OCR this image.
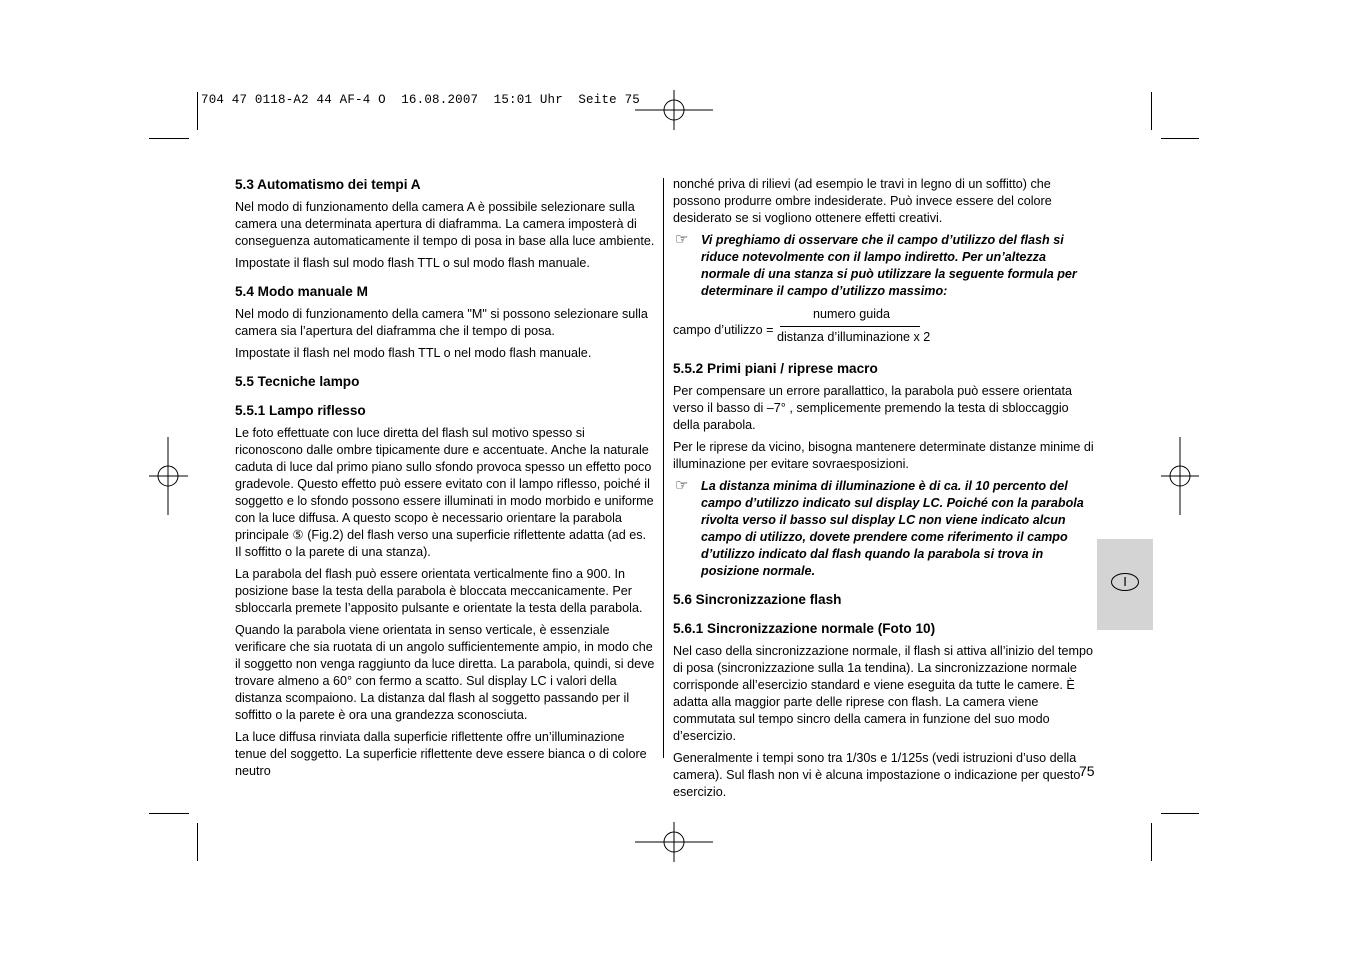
704 47 0118-A2 44 AF-4 O  16.08.2007  15:01 Uhr  Seite 75
5.3 Automatismo dei tempi A

Nel modo di funzionamento della camera A è possibile selezionare sulla camera una determinata apertura di diaframma. La camera imposterà di conseguenza automaticamente il tempo di posa in base alla luce ambiente.

Impostate il flash sul modo flash TTL o sul modo flash manuale.

5.4 Modo manuale M

Nel modo di funzionamento della camera "M" si possono selezionare sulla camera sia l’apertura del diaframma che il tempo di posa.

Impostate il flash nel modo flash TTL o nel modo flash manuale.

5.5 Tecniche lampo
5.5.1 Lampo riflesso

Le foto effettuate con luce diretta del flash sul motivo spesso si riconoscono dalle ombre tipicamente dure e accentuate. Anche la naturale caduta di luce dal primo piano sullo sfondo provoca spesso un effetto poco gradevole. Questo effetto può essere evitato con il lampo riflesso, poiché il soggetto e lo sfondo possono essere illuminati in modo morbido e uniforme con la luce diffusa. A questo scopo è necessario orientare la parabola principale ⑤ (Fig.2) del flash verso una superficie riflettente adatta (ad es. Il soffitto o la parete di una stanza).

La parabola del flash può essere orientata verticalmente fino a 900. In posizione base la testa della parabola è bloccata meccanicamente. Per sbloccarla premete l’apposito pulsante e orientate la testa della parabola.

Quando la parabola viene orientata in senso verticale, è essenziale verificare che sia ruotata di un angolo sufficientemente ampio, in modo che il soggetto non venga raggiunto da luce diretta. La parabola, quindi, si deve trovare almeno a 60° con fermo a scatto. Sul display LC i valori della distanza scompaiono. La distanza dal flash al soggetto passando per il soffitto o la parete è ora una grandezza sconosciuta.

La luce diffusa rinviata dalla superficie riflettente offre un’illuminazione tenue del soggetto. La superficie riflettente deve essere bianca o di colore neutro

nonché priva di rilievi (ad esempio le travi in legno di un soffitto) che possono produrre ombre indesiderate. Può invece essere del colore desiderato se si vogliono ottenere effetti creativi.

☞ Vi preghiamo di osservare che il campo d’utilizzo del flash si riduce notevolmente con il lampo indiretto. Per un’altezza normale di una stanza si può utilizzare la seguente formula per determinare il campo d’utilizzo massimo:
campo d’utilizzo =
numero guida
distanza d’illuminazione x 2
5.5.2 Primi piani / riprese macro

Per compensare un errore parallattico, la parabola può essere orientata verso il basso di –7° , semplicemente premendo la testa di sbloccaggio della parabola.

Per le riprese da vicino, bisogna mantenere determinate distanze minime di illuminazione per evitare sovraesposizioni.

☞ La distanza minima di illuminazione è di ca. il 10 percento del campo d’utilizzo indicato sul display LC. Poiché con la parabola rivolta verso il basso sul display LC non viene indicato alcun campo di utilizzo, dovete prendere come riferimento il campo d’utilizzo indicato dal flash quando la parabola si trova in posizione normale.
5.6 Sincronizzazione flash
5.6.1 Sincronizzazione normale (Foto 10)

Nel caso della sincronizzazione normale, il flash si attiva all’inizio del tempo di posa (sincronizzazione sulla 1a tendina). La sincronizzazione normale corrisponde all’esercizio standard e viene eseguita da tutte le camere. È adatta alla maggior parte delle riprese con flash. La camera viene commutata sul tempo sincro della camera in funzione del suo modo d’esercizio.

Generalmente i tempi sono tra 1/30s e 1/125s (vedi istruzioni d’uso della camera). Sul flash non vi è alcuna impostazione o indicazione per questo esercizio.

I
75
